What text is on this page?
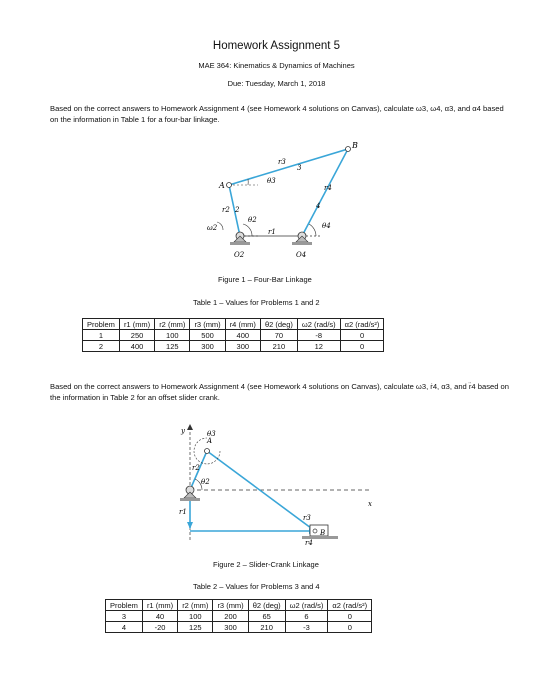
Homework Assignment 5
MAE 364: Kinematics & Dynamics of Machines
Due: Tuesday, March 1, 2018
Based on the correct answers to Homework Assignment 4 (see Homework 4 solutions on Canvas), calculate ω3, ω4, α3, and α4 based on the information in Table 1 for a four-bar linkage.
A
B
r3
3
θ3
r4
4
θ4
r2 2
θ2
ω2	r1
O2	O4
Figure 1 – Four-Bar Linkage
Table 1 – Values for Problems 1 and 2
Problem	r1 (mm)	r2 (mm)	r3 (mm)	r4 (mm)	θ2 (deg)	ω2 (rad/s)	α2 (rad/s²)
1	250	100	500	400	70	-8	0
2	400	125	300	300	210	12	0
Based on the correct answers to Homework Assignment 4 (see Homework 4 solutions on Canvas), calculate ω3, ṙ4, α3, and r̈4 based on the information in Table 2 for an offset slider crank.
y
x
A
B
θ3
θ2
r2
r3
r1
r4
Figure 2 – Slider-Crank Linkage
Table 2 – Values for Problems 3 and 4
Problem	r1 (mm)	r2 (mm)	r3 (mm)	θ2 (deg)	ω2 (rad/s)	α2 (rad/s²)
3	40	100	200	65	6	0
4	-20	125	300	210	-3	0
